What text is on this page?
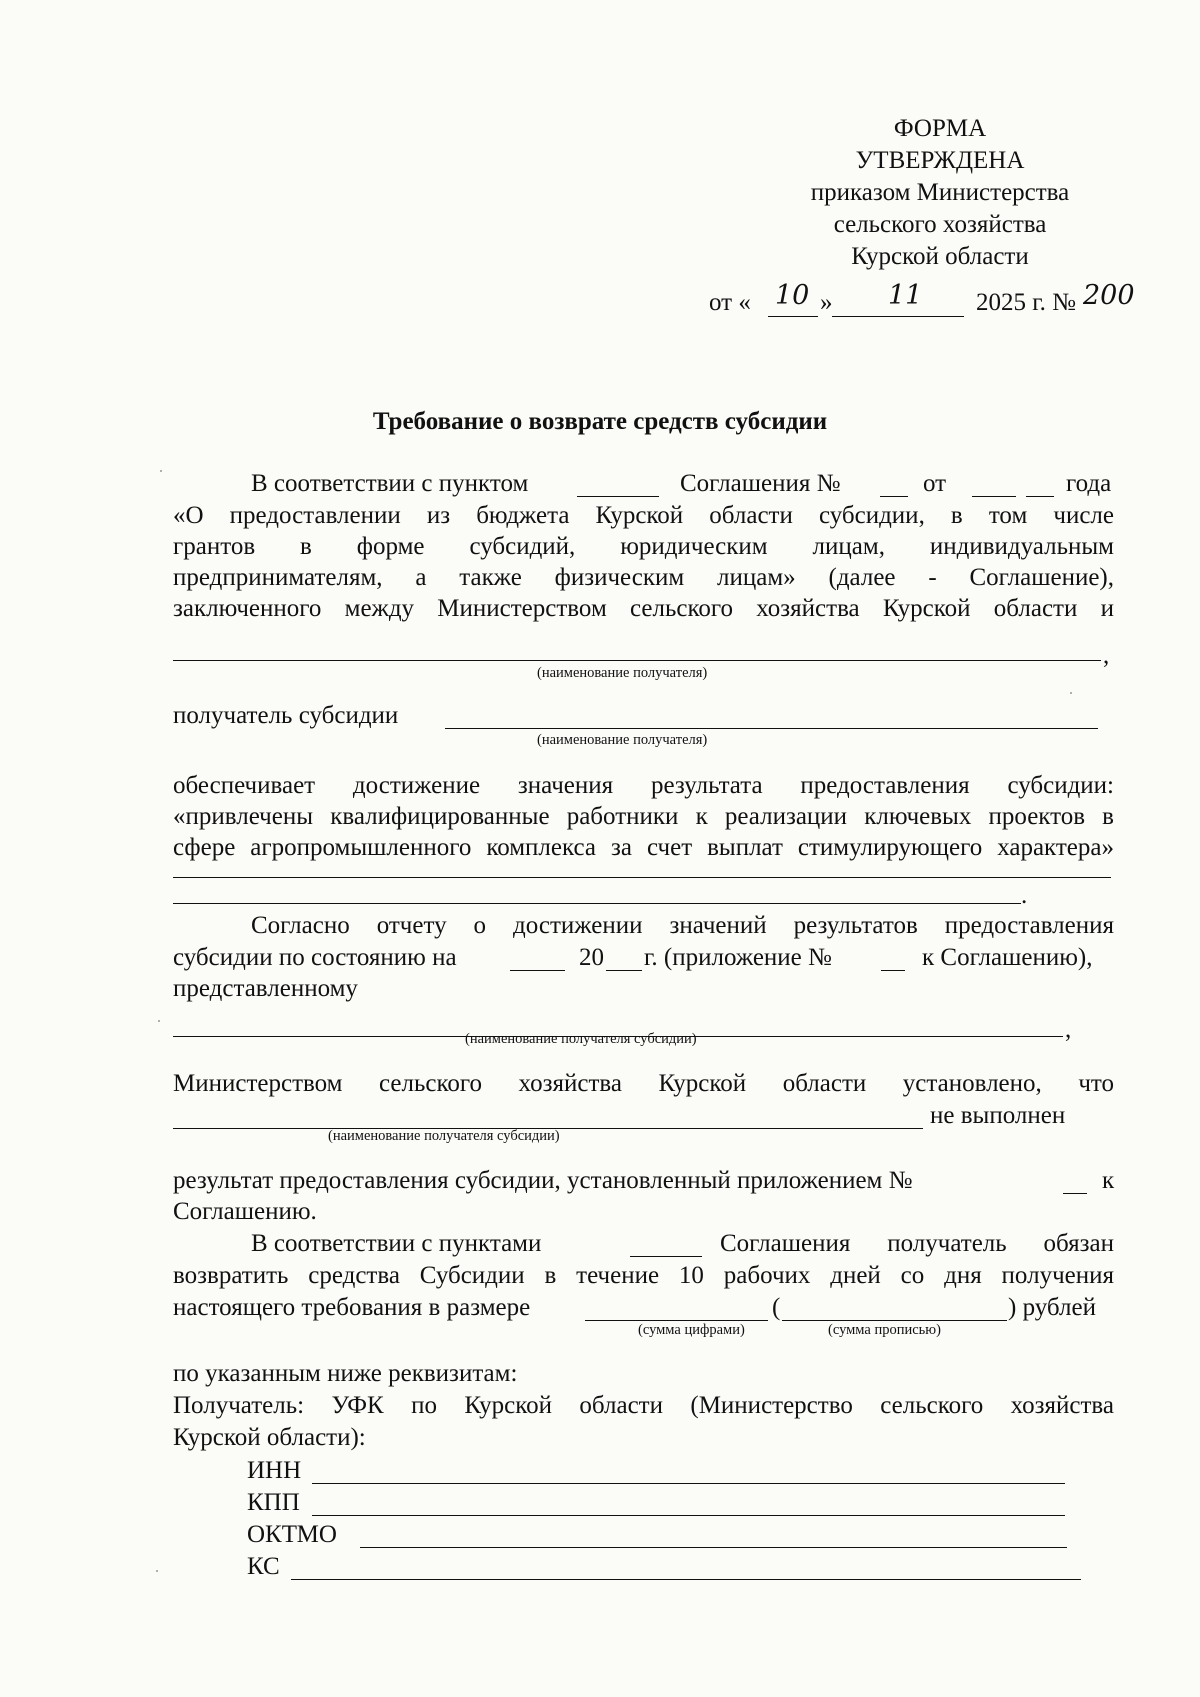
ФОРМА
УТВЕРЖДЕНА
приказом Министерства
сельского хозяйства
Курской области
от « 10 » 11 2025 г. № 200
Требование о возврате средств субсидии
В соответствии с пунктом	Соглашения №	от	года
«О предоставлении из бюджета Курской области субсидии, в том числе
грантов в форме субсидий, юридическим лицам, индивидуальным
предпринимателям, а также физическим лицам» (далее - Соглашение),
заключенного между Министерством сельского хозяйства Курской области и
,
(наименование получателя)
получатель субсидии
(наименование получателя)
обеспечивает достижение значения результата предоставления субсидии:
«привлечены квалифицированные работники к реализации ключевых проектов в
сфере агропромышленного комплекса за счет выплат стимулирующего характера»
.
Согласно отчету о достижении значений результатов предоставления
субсидии по состоянию на	20 г. (приложение №	к Соглашению),
представленному
,
(наименование получателя субсидии)
Министерством сельского хозяйства Курской области установлено, что
не выполнен
(наименование получателя субсидии)
результат предоставления субсидии, установленный приложением №	к
Соглашению.
В соответствии с пунктами	Соглашения получатель обязан
возвратить средства Субсидии в течение 10 рабочих дней со дня получения
настоящего требования в размере	(	) рублей
(сумма цифрами)	(сумма прописью)
по указанным ниже реквизитам:
Получатель: УФК по Курской области (Министерство сельского хозяйства
Курской области):
ИНН
КПП
ОКТМО
КС
